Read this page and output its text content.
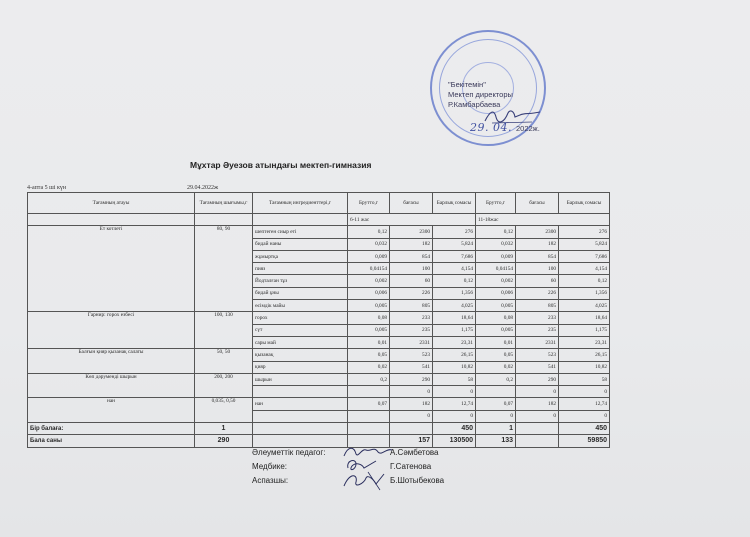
"Бекітемін"
Мектеп директоры
Р.Камбарбаева
2022ж.
29. 04.
Мұхтар Әуезов атындағы мектеп-гимназия
4-апта 5 ші күн	29.04.2022ж
Тағамның атауы	Тағамның шығымы,г	Тағамның ингредиенттері,г	Брутто,г	бағасы	Барлық сомасы	Брутто,г	бағасы	Барлық сомасы
			6-11 жас			11-18жас		
Ет котлеті	80, 90	шептеген сиыр еті	0,12	2300	276	0,12	2300	276
		бидай наны	0,032	182	5,824	0,032	182	5,824
		жұмыртқа	0,009	854	7,686	0,009	854	7,686
		пияз	0,04154	100	4,154	0,04154	100	4,154
		Йодталған тұз	0,002	60	0,12	0,002	60	0,12
		бидай ұны	0,006	226	1,356	0,006	226	1,356
		өсімдік майы	0,005	805	4,025	0,005	805	4,025
Гарнир: горох езбесі	100, 130	горох	0,08	233	18,64	0,08	233	18,64
		сүт	0,005	235	1,175	0,005	235	1,175
		сары май	0,01	2331	23,31	0,01	2331	23,31
Балғын қияр қызанақ салаты	50, 50	қызанақ	0,05	523	26,15	0,05	523	26,15
		қияр	0,02	541	10,82	0,02	541	10,82
Көп дәруменді шырын	200, 200	шырын	0,2	290	58	0,2	290	58
				0	0		0	0
нан	0,035, 0,50	нан	0,07	182	12,74	0,07	182	12,74
				0	0	0	0	0
Бір балаға:	1				450	1		450
Бала саны	290			157	130500	133		59850
Әлеуметтік педагог:	А.Сәмбетова
Медбике:	Г.Сатенова
Аспазшы:	Б.Шотыбекова
